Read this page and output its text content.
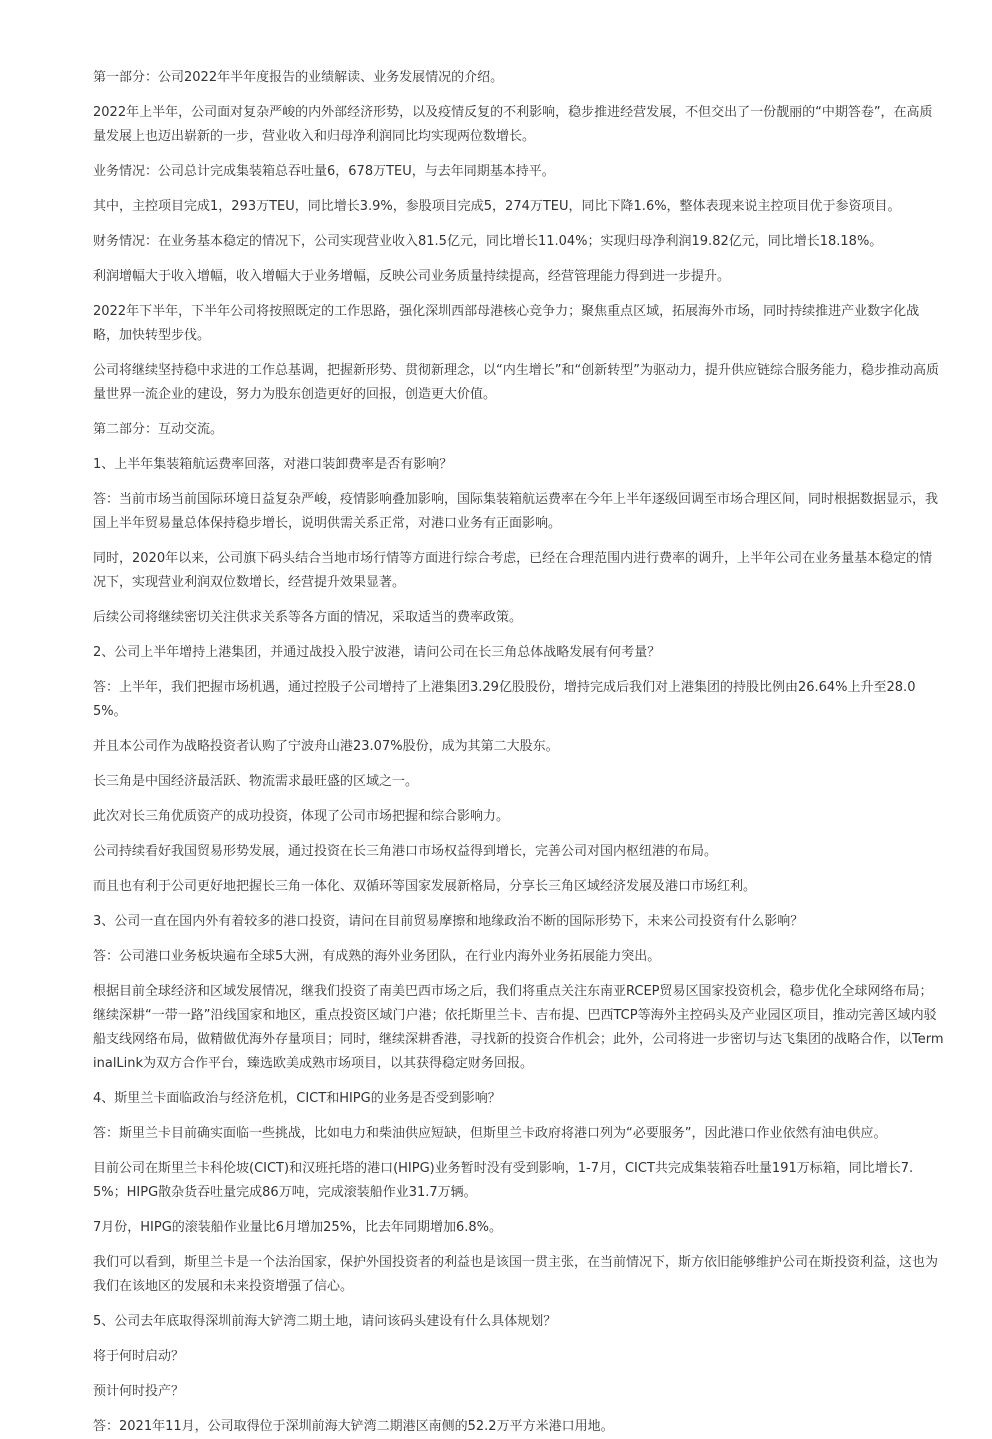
第一部分：公司2022年半年度报告的业绩解读、业务发展情况的介绍。

2022年上半年，公司面对复杂严峻的内外部经济形势，以及疫情反复的不利影响，稳步推进经营发展，不但交出了一份靓丽的“中期答卷”，在高质量发展上也迈出崭新的一步，营业收入和归母净利润同比均实现两位数增长。

业务情况：公司总计完成集装箱总吞吐量6，678万TEU，与去年同期基本持平。

其中，主控项目完成1，293万TEU，同比增长3.9%，参股项目完成5，274万TEU，同比下降1.6%，整体表现来说主控项目优于参资项目。

财务情况：在业务基本稳定的情况下，公司实现营业收入81.5亿元，同比增长11.04%；实现归母净利润19.82亿元，同比增长18.18%。

利润增幅大于收入增幅，收入增幅大于业务增幅，反映公司业务质量持续提高，经营管理能力得到进一步提升。

2022年下半年，下半年公司将按照既定的工作思路，强化深圳西部母港核心竞争力；聚焦重点区域，拓展海外市场，同时持续推进产业数字化战略，加快转型步伐。

公司将继续坚持稳中求进的工作总基调，把握新形势、贯彻新理念，以“内生增长”和“创新转型”为驱动力，提升供应链综合服务能力，稳步推动高质量世界一流企业的建设，努力为股东创造更好的回报，创造更大价值。

第二部分：互动交流。

1、上半年集装箱航运费率回落，对港口装卸费率是否有影响？

答：当前市场当前国际环境日益复杂严峻，疫情影响叠加影响，国际集装箱航运费率在今年上半年逐级回调至市场合理区间，同时根据数据显示，我国上半年贸易量总体保持稳步增长，说明供需关系正常，对港口业务有正面影响。

同时，2020年以来，公司旗下码头结合当地市场行情等方面进行综合考虑，已经在合理范围内进行费率的调升，上半年公司在业务量基本稳定的情况下，实现营业利润双位数增长，经营提升效果显著。

后续公司将继续密切关注供求关系等各方面的情况，采取适当的费率政策。

2、公司上半年增持上港集团，并通过战投入股宁波港，请问公司在长三角总体战略发展有何考量？

答：上半年，我们把握市场机遇，通过控股子公司增持了上港集团3.29亿股股份，增持完成后我们对上港集团的持股比例由26.64%上升至28.05%。

并且本公司作为战略投资者认购了宁波舟山港23.07%股份，成为其第二大股东。

长三角是中国经济最活跃、物流需求最旺盛的区域之一。

此次对长三角优质资产的成功投资，体现了公司市场把握和综合影响力。

公司持续看好我国贸易形势发展，通过投资在长三角港口市场权益得到增长，完善公司对国内枢纽港的布局。

而且也有利于公司更好地把握长三角一体化、双循环等国家发展新格局，分享长三角区域经济发展及港口市场红利。

3、公司一直在国内外有着较多的港口投资，请问在目前贸易摩擦和地缘政治不断的国际形势下，未来公司投资有什么影响？

答：公司港口业务板块遍布全球5大洲，有成熟的海外业务团队，在行业内海外业务拓展能力突出。

根据目前全球经济和区域发展情况，继我们投资了南美巴西市场之后，我们将重点关注东南亚RCEP贸易区国家投资机会，稳步优化全球网络布局；继续深耕“一带一路”沿线国家和地区，重点投资区域门户港；依托斯里兰卡、吉布提、巴西TCP等海外主控码头及产业园区项目，推动完善区域内驳船支线网络布局，做精做优海外存量项目；同时，继续深耕香港，寻找新的投资合作机会；此外，公司将进一步密切与达飞集团的战略合作，以TerminalLink为双方合作平台，臻选欧美成熟市场项目，以其获得稳定财务回报。

4、斯里兰卡面临政治与经济危机，CICT和HIPG的业务是否受到影响？

答：斯里兰卡目前确实面临一些挑战，比如电力和柴油供应短缺，但斯里兰卡政府将港口列为“必要服务”，因此港口作业依然有油电供应。

目前公司在斯里兰卡科伦坡(CICT)和汉班托塔的港口(HIPG)业务暂时没有受到影响，1-7月，CICT共完成集装箱吞吐量191万标箱，同比增长7.5%；HIPG散杂货吞吐量完成86万吨，完成滚装船作业31.7万辆。

7月份，HIPG的滚装船作业量比6月增加25%，比去年同期增加6.8%。

我们可以看到，斯里兰卡是一个法治国家，保护外国投资者的利益也是该国一贯主张，在当前情况下，斯方依旧能够维护公司在斯投资利益，这也为我们在该地区的发展和未来投资增强了信心。

5、公司去年底取得深圳前海大铲湾二期土地，请问该码头建设有什么具体规划？

将于何时启动？

预计何时投产？

答：2021年11月，公司取得位于深圳前海大铲湾二期港区南侧的52.2万平方米港口用地。
